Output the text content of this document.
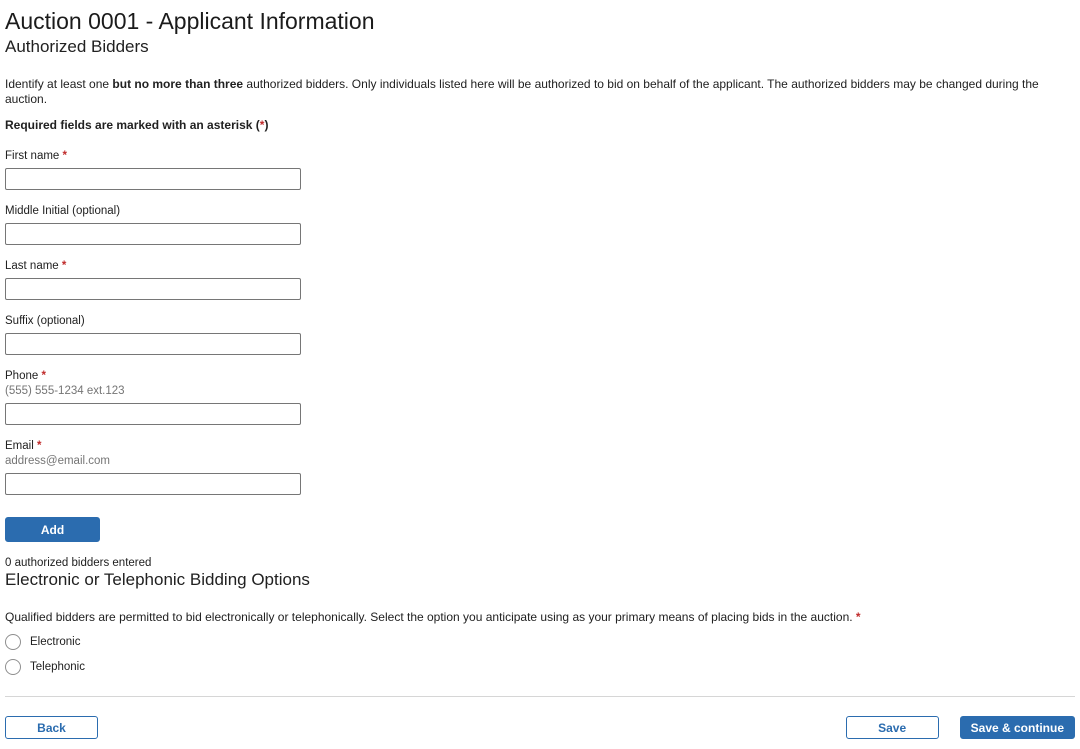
Auction 0001 - Applicant Information
Authorized Bidders

Identify at least one but no more than three authorized bidders. Only individuals listed here will be authorized to bid on behalf of the applicant. The authorized bidders may be changed during the auction.

Required fields are marked with an asterisk (*)

First name *
Middle Initial (optional)
Last name *
Suffix (optional)
Phone *
(555) 555-1234 ext.123
Email *
address@email.com
Add
0 authorized bidders entered
Electronic or Telephonic Bidding Options

Qualified bidders are permitted to bid electronically or telephonically. Select the option you anticipate using as your primary means of placing bids in the auction. *

Electronic
Telephonic
Back	Save	Save & continue
